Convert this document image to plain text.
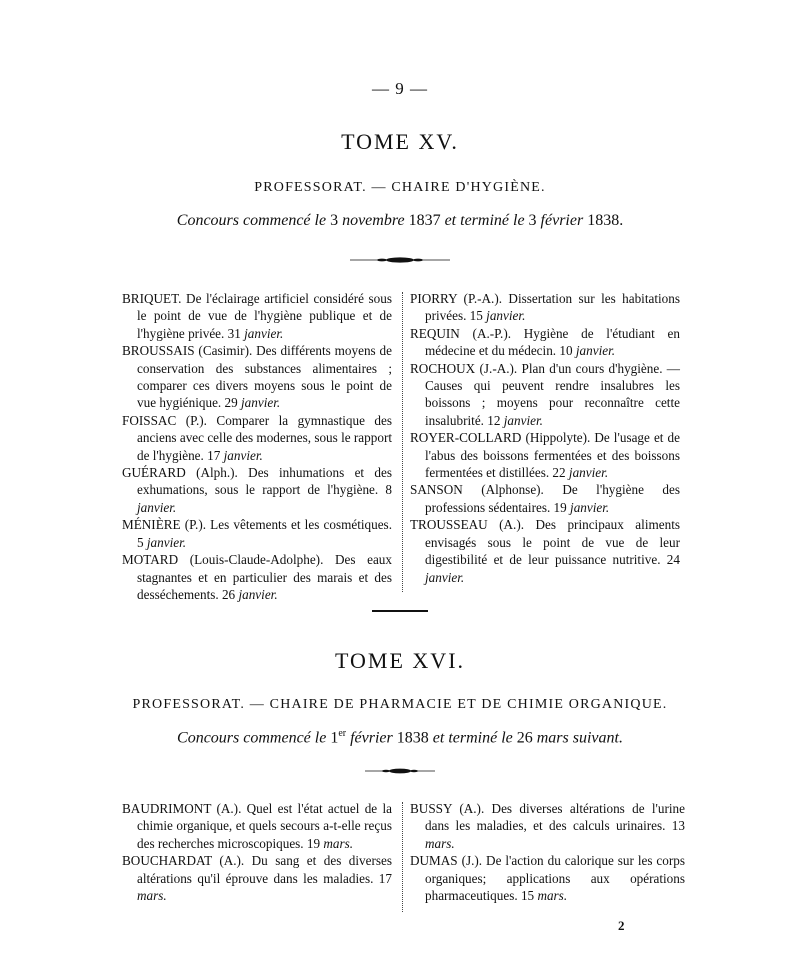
— 9 —
TOME XV.
PROFESSORAT. — CHAIRE D'HYGIÈNE.
Concours commencé le 3 novembre 1837 et terminé le 3 février 1838.

BRIQUET. De l'éclairage artificiel considéré sous le point de vue de l'hygiène publique et de l'hygiène privée. 31 janvier.

BROUSSAIS (Casimir). Des différents moyens de conservation des substances alimentaires ; comparer ces divers moyens sous le point de vue hygiénique. 29 janvier.

FOISSAC (P.). Comparer la gymnastique des anciens avec celle des modernes, sous le rapport de l'hygiène. 17 janvier.

GUÉRARD (Alph.). Des inhumations et des exhumations, sous le rapport de l'hygiène. 8 janvier.

MÉNIÈRE (P.). Les vêtements et les cosmétiques. 5 janvier.

MOTARD (Louis-Claude-Adolphe). Des eaux stagnantes et en particulier des marais et des desséchements. 26 janvier.

PIORRY (P.-A.). Dissertation sur les habitations privées. 15 janvier.

REQUIN (A.-P.). Hygiène de l'étudiant en médecine et du médecin. 10 janvier.

ROCHOUX (J.-A.). Plan d'un cours d'hygiène. — Causes qui peuvent rendre insalubres les boissons ; moyens pour reconnaître cette insalubrité. 12 janvier.

ROYER-COLLARD (Hippolyte). De l'usage et de l'abus des boissons fermentées et des boissons fermentées et distillées. 22 janvier.

SANSON (Alphonse). De l'hygiène des professions sédentaires. 19 janvier.

TROUSSEAU (A.). Des principaux aliments envisagés sous le point de vue de leur digestibilité et de leur puissance nutritive. 24 janvier.

TOME XVI.
PROFESSORAT. — CHAIRE DE PHARMACIE ET DE CHIMIE ORGANIQUE.
Concours commencé le 1er février 1838 et terminé le 26 mars suivant.

BAUDRIMONT (A.). Quel est l'état actuel de la chimie organique, et quels secours a-t-elle reçus des recherches microscopiques. 19 mars.

BOUCHARDAT (A.). Du sang et des diverses altérations qu'il éprouve dans les maladies. 17 mars.

BUSSY (A.). Des diverses altérations de l'urine dans les maladies, et des calculs urinaires. 13 mars.

DUMAS (J.). De l'action du calorique sur les corps organiques; applications aux opérations pharmaceutiques. 15 mars.

2
